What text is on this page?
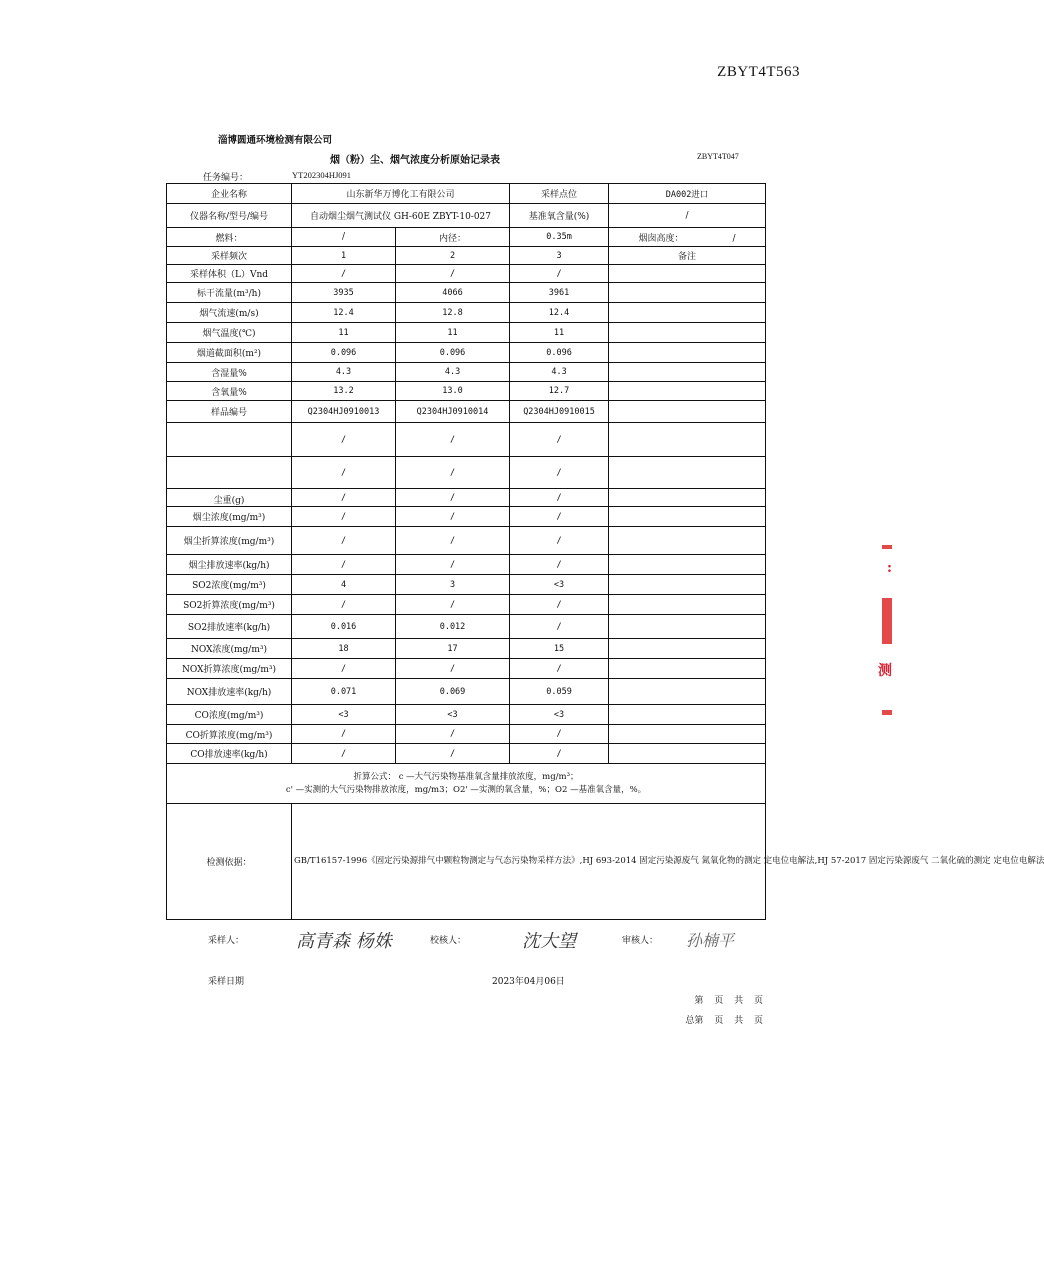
ZBYT4T563
淄博圆通环境检测有限公司
烟（粉）尘、烟气浓度分析原始记录表	ZBYT4T047
任务编号：	YT202304HJ091
企业名称	山东新华万博化工有限公司		采样点位	DA002进口
仪器名称/型号/编号	自动烟尘烟气测试仪 GH-60E ZBYT-10-027		基准氧含量(%)	/
燃料：	/	内径：	0.35m	烟囱高度： /
采样频次	1	2	3	备注
采样体积（L）Vnd	/	/	/	
标干流量(m³/h)	3935	4066	3961	
烟气流速(m/s)	12.4	12.8	12.4	
烟气温度(℃)	11	11	11	
烟道截面积(m²)	0.096	0.096	0.096	
含湿量%	4.3	4.3	4.3	
含氧量%	13.2	13.0	12.7	
样品编号	Q2304HJ0910013	Q2304HJ0910014	Q2304HJ0910015	
	/	/	/	
	/	/	/	
尘重(g)	/	/	/	
烟尘浓度(mg/m³)	/	/	/	
烟尘折算浓度(mg/m³)	/	/	/	
烟尘排放速率(kg/h)	/	/	/	
SO2浓度(mg/m³)	4	3	<3	
SO2折算浓度(mg/m³)	/	/	/	
SO2排放速率(kg/h)	0.016	0.012	/	
NOX浓度(mg/m³)	18	17	15	
NOX折算浓度(mg/m³)	/	/	/	
NOX排放速率(kg/h)	0.071	0.069	0.059	
CO浓度(mg/m³)	<3	<3	<3	
CO折算浓度(mg/m³)	/	/	/	
CO排放速率(kg/h)	/	/	/	

折算公式： c —大气污染物基准氧含量排放浓度，mg/m³；
c' —实测的大气污染物排放浓度，mg/m3；O2' —实测的氧含量，%；O2 —基准氧含量，%。				

检测依据：	GB/T16157-1996《固定污染源排气中颗粒物测定与气态污染物采样方法》,HJ 693-2014 固定污染源废气 氮氧化物的测定 定电位电解法,HJ 57-2017 固定污染源废气 二氧化硫的测定 定电位电解法			
采样人：	高青森 杨姝	校核人：	沈大望	审核人： 孙楠平
采样日期	2023年04月06日
第 页 共 页
总第 页 共 页
:
测
